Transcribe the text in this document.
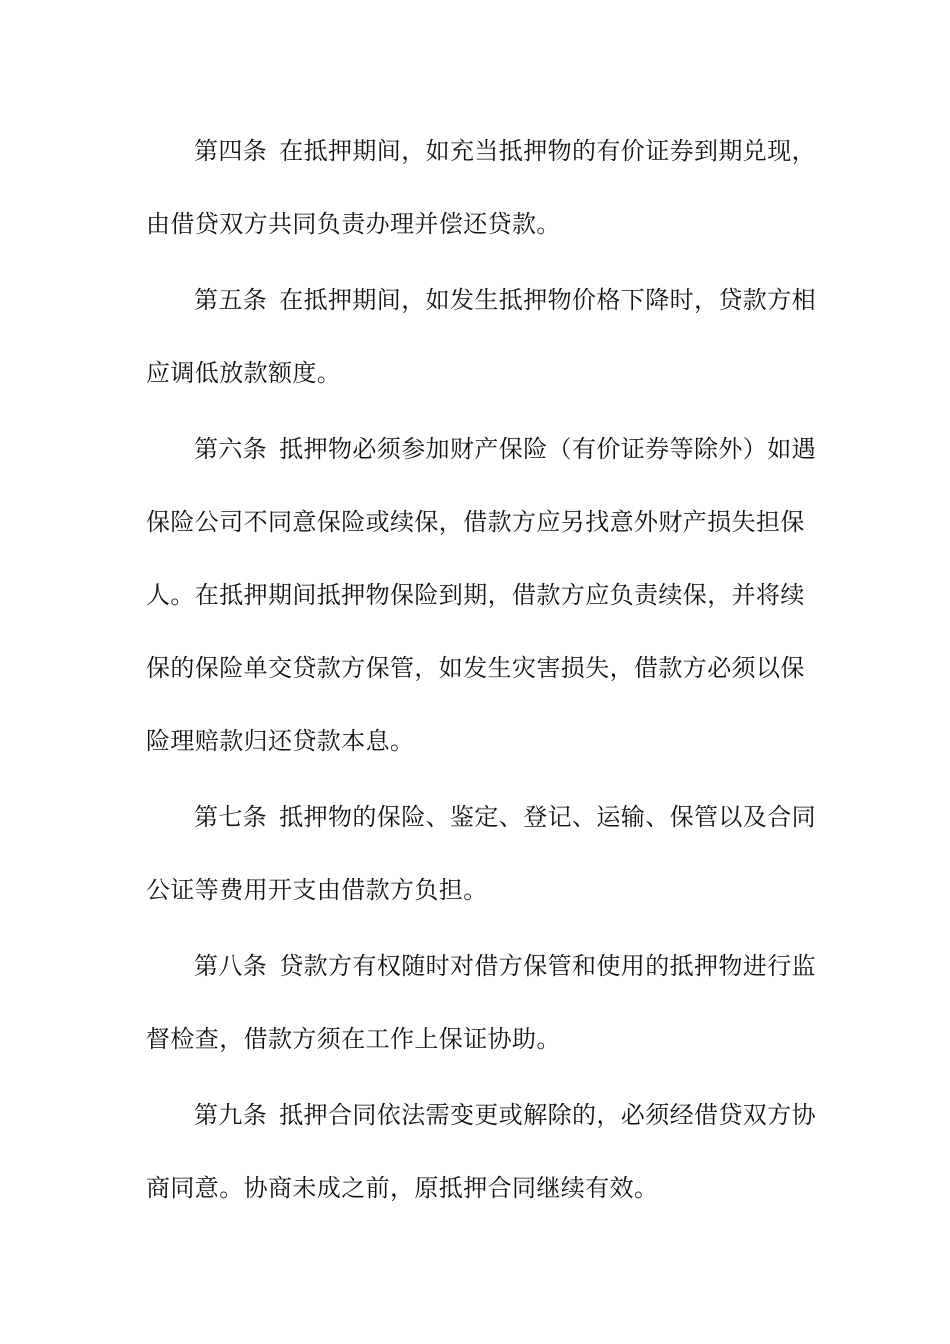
第四条 在抵押期间，如充当抵押物的有价证券到期兑现，
由借贷双方共同负责办理并偿还贷款。
第五条 在抵押期间，如发生抵押物价格下降时，贷款方相
应调低放款额度。
第六条 抵押物必须参加财产保险（有价证券等除外）如遇
保险公司不同意保险或续保，借款方应另找意外财产损失担保
人。在抵押期间抵押物保险到期，借款方应负责续保，并将续
保的保险单交贷款方保管，如发生灾害损失，借款方必须以保
险理赔款归还贷款本息。
第七条 抵押物的保险、鉴定、登记、运输、保管以及合同
公证等费用开支由借款方负担。
第八条 贷款方有权随时对借方保管和使用的抵押物进行监
督检查，借款方须在工作上保证协助。
第九条 抵押合同依法需变更或解除的，必须经借贷双方协
商同意。协商未成之前，原抵押合同继续有效。
